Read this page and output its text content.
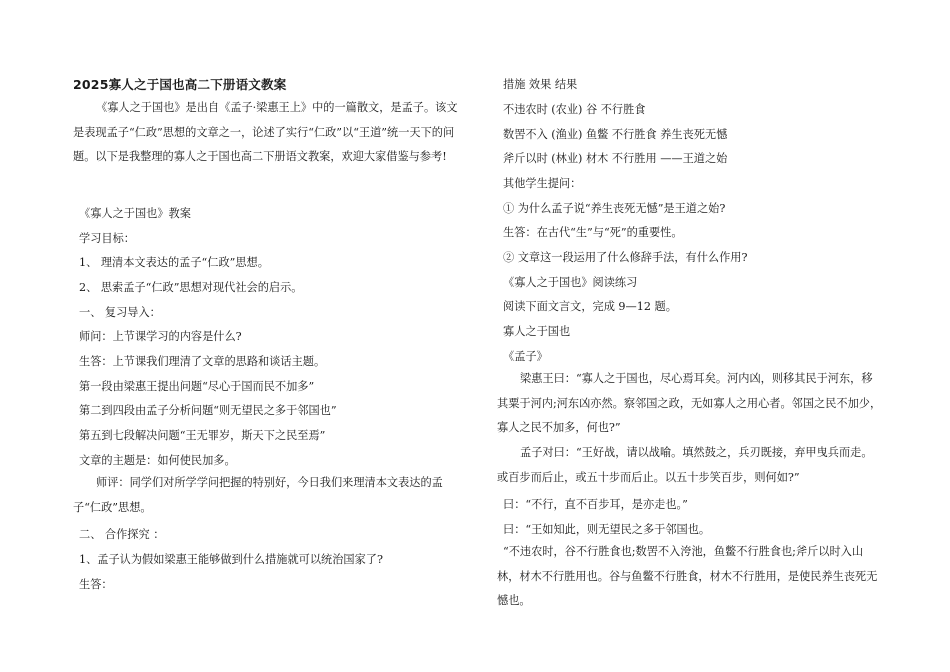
2025寡人之于国也高二下册语文教案
《寡人之于国也》是出自《孟子·梁惠王上》中的一篇散文，是孟子。该文是表现孟子“仁政”思想的文章之一，论述了实行“仁政”以“王道”统一天下的问题。以下是我整理的寡人之于国也高二下册语文教案，欢迎大家借鉴与参考!
《寡人之于国也》教案
学习目标：
1、 理清本文表达的孟子“仁政”思想。
2、 思索孟子“仁政”思想对现代社会的启示。
一、 复习导入：
师问：上节课学习的内容是什么?
生答：上节课我们理清了文章的思路和谈话主题。
第一段由梁惠王提出问题“尽心于国而民不加多”
第二到四段由孟子分析问题“则无望民之多于邻国也”
第五到七段解决问题“王无罪岁，斯天下之民至焉”
文章的主题是：如何使民加多。
师评：同学们对所学学问把握的特别好，今日我们来理清本文表达的孟子“仁政”思想。
二、 合作探究 ：
1、孟子认为假如梁惠王能够做到什么措施就可以统治国家了?
生答：
措施 效果 结果
不违农时 (农业) 谷 不行胜食
数罟不入 (渔业) 鱼鳖 不行胜食 养生丧死无憾
斧斤以时 (林业) 材木 不行胜用 ——王道之始
其他学生提问：
① 为什么孟子说“养生丧死无憾”是王道之始?
生答：在古代“生”与“死”的重要性。
② 文章这一段运用了什么修辞手法，有什么作用?
《寡人之于国也》阅读练习
阅读下面文言文，完成 9—12 题。
寡人之于国也
《孟子》
梁惠王曰：“寡人之于国也，尽心焉耳矣。河内凶，则移其民于河东，移其粟于河内;河东凶亦然。察邻国之政，无如寡人之用心者。邻国之民不加少，寡人之民不加多，何也?”
孟子对曰：“王好战，请以战喻。填然鼓之，兵刃既接，弃甲曳兵而走。或百步而后止，或五十步而后止。以五十步笑百步，则何如?”
曰：“不行，直不百步耳，是亦走也。”
曰：“王如知此，则无望民之多于邻国也。
“不违农时，谷不行胜食也;数罟不入洿池，鱼鳖不行胜食也;斧斤以时入山林，材木不行胜用也。谷与鱼鳖不行胜食，材木不行胜用，是使民养生丧死无憾也。
